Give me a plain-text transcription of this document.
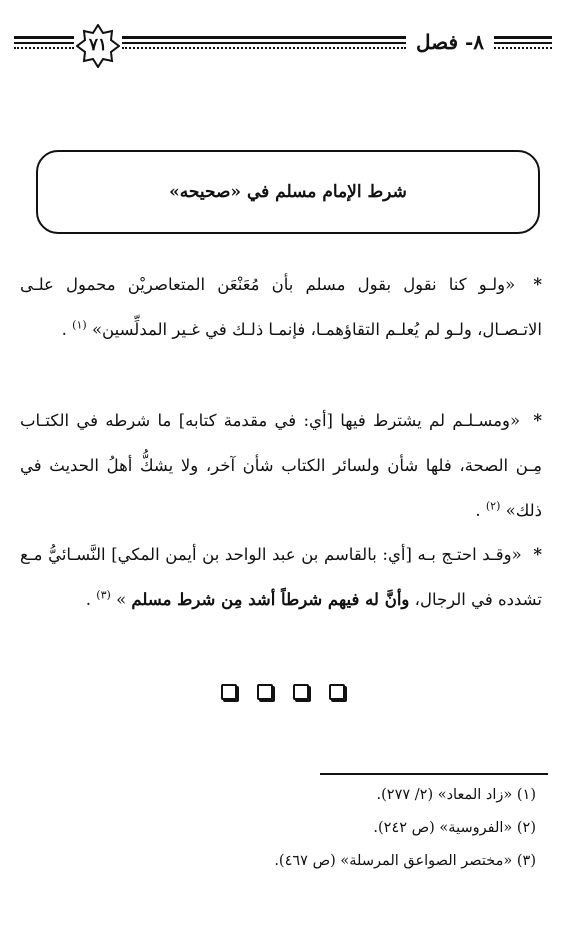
٧١	٨- فصل
شرط الإمام مسلم في «صحيحه»
* «ولـو كنا نقول بقول مسلم بأن مُعَنْعَن المتعاصريْن محمول علـى الاتـصـال، ولـو لم يُعلـم التقاؤهمـا، فإنمـا ذلـك في غـير المدلِّسين» $^{(١)}$ .
* «ومسـلـم لم يشترط فيها [أي: في مقدمة كتابه] ما شرطه في الكتـاب مِـن الصحة، فلها شأن ولسائر الكتاب شأن آخر، ولا يشكُّ أهلُ الحديث في ذلك» $^{(٢)}$ .
* «وقـد احتـج بـه [أي: بالقاسم بن عبد الواحد بن أيمن المكي] النَّسـائيُّ مـع تشدده في الرجال، وأنَّ له فيهم شرطاً أشد مِن شرط مسلم » $^{(٣)}$ .
(١) «زاد المعاد» (٢/ ٢٧٧).
(٢) «الفروسية» (ص ٢٤٢).
(٣) «مختصر الصواعق المرسلة» (ص ٤٦٧).
